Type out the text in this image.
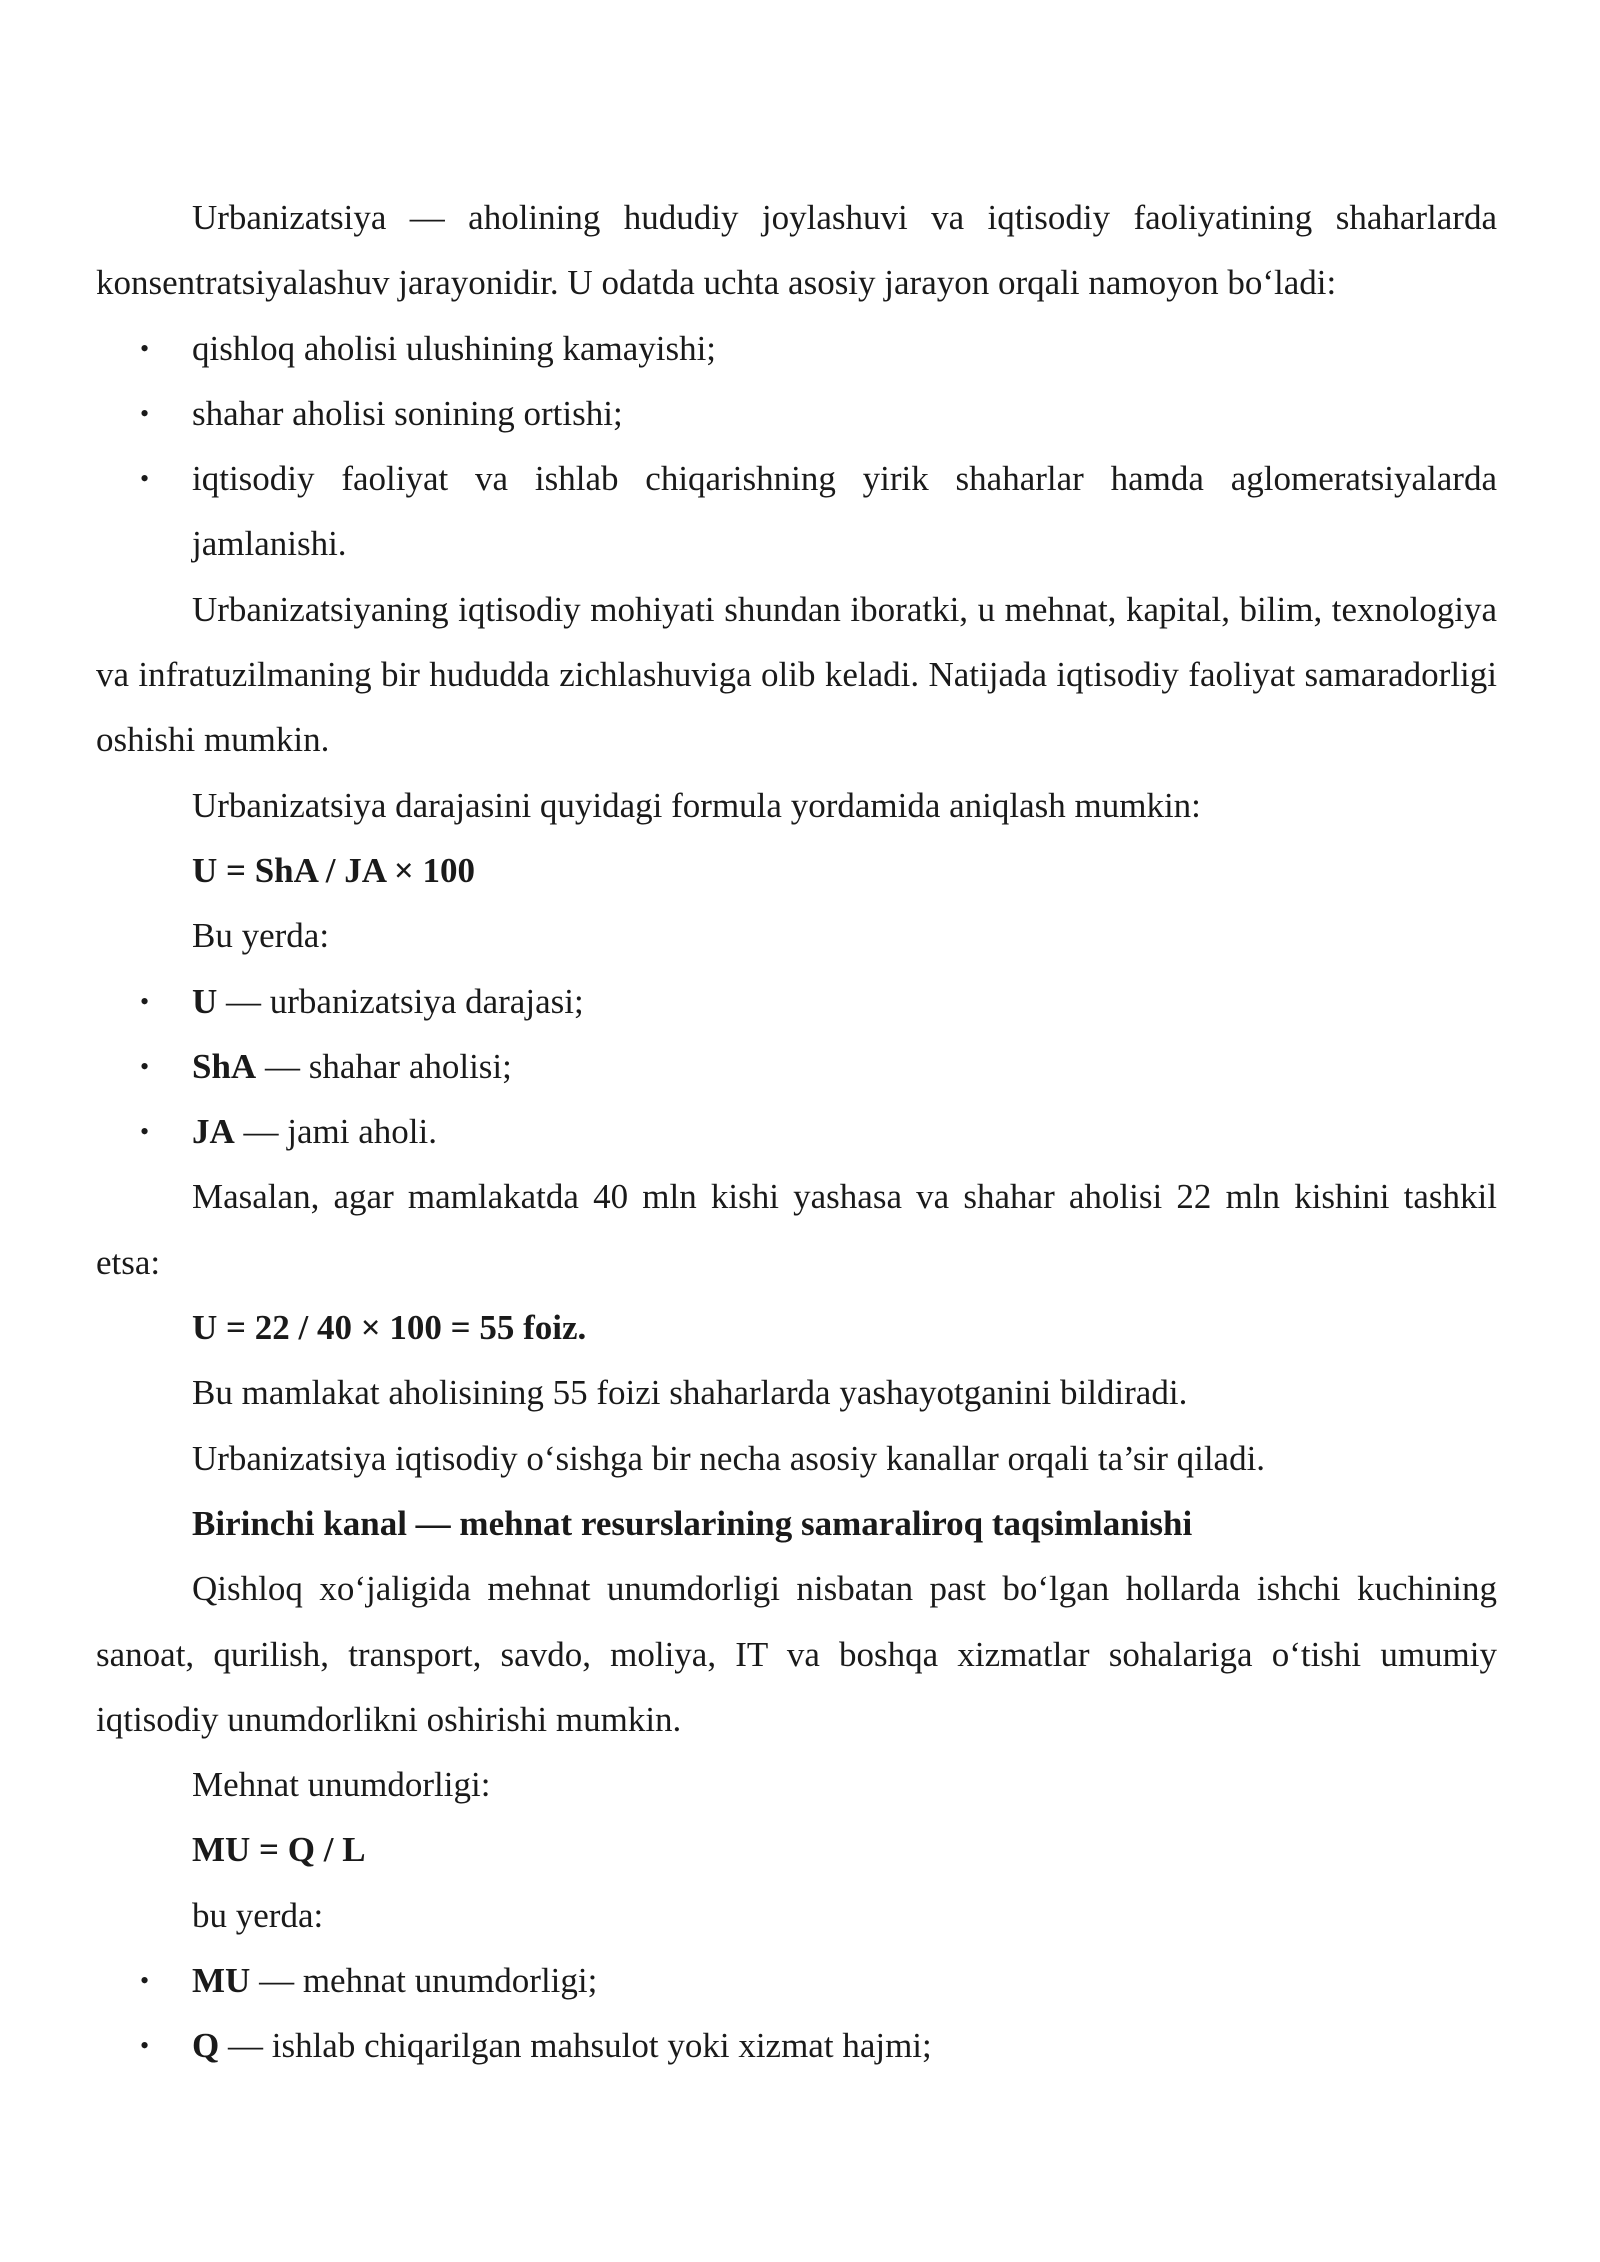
Urbanizatsiya — aholining hududiy joylashuvi va iqtisodiy faoliyatining shaharlarda konsentratsiyalashuv jarayonidir. U odatda uchta asosiy jarayon orqali namoyon bo‘ladi:

• qishloq aholisi ulushining kamayishi;
• shahar aholisi sonining ortishi;
• iqtisodiy faoliyat va ishlab chiqarishning yirik shaharlar hamda aglomeratsiyalarda jamlanishi.

Urbanizatsiyaning iqtisodiy mohiyati shundan iboratki, u mehnat, kapital, bilim, texnologiya va infratuzilmaning bir hududda zichlashuviga olib keladi. Natijada iqtisodiy faoliyat samaradorligi oshishi mumkin.

Urbanizatsiya darajasini quyidagi formula yordamida aniqlash mumkin:

U = ShA / JA × 100

Bu yerda:

• U — urbanizatsiya darajasi;
• ShA — shahar aholisi;
• JA — jami aholi.

Masalan, agar mamlakatda 40 mln kishi yashasa va shahar aholisi 22 mln kishini tashkil etsa:

U = 22 / 40 × 100 = 55 foiz.

Bu mamlakat aholisining 55 foizi shaharlarda yashayotganini bildiradi.

Urbanizatsiya iqtisodiy o‘sishga bir necha asosiy kanallar orqali ta’sir qiladi.

Birinchi kanal — mehnat resurslarining samaraliroq taqsimlanishi

Qishloq xo‘jaligida mehnat unumdorligi nisbatan past bo‘lgan hollarda ishchi kuchining sanoat, qurilish, transport, savdo, moliya, IT va boshqa xizmatlar sohalariga o‘tishi umumiy iqtisodiy unumdorlikni oshirishi mumkin.

Mehnat unumdorligi:

MU = Q / L

bu yerda:

• MU — mehnat unumdorligi;
• Q — ishlab chiqarilgan mahsulot yoki xizmat hajmi;
